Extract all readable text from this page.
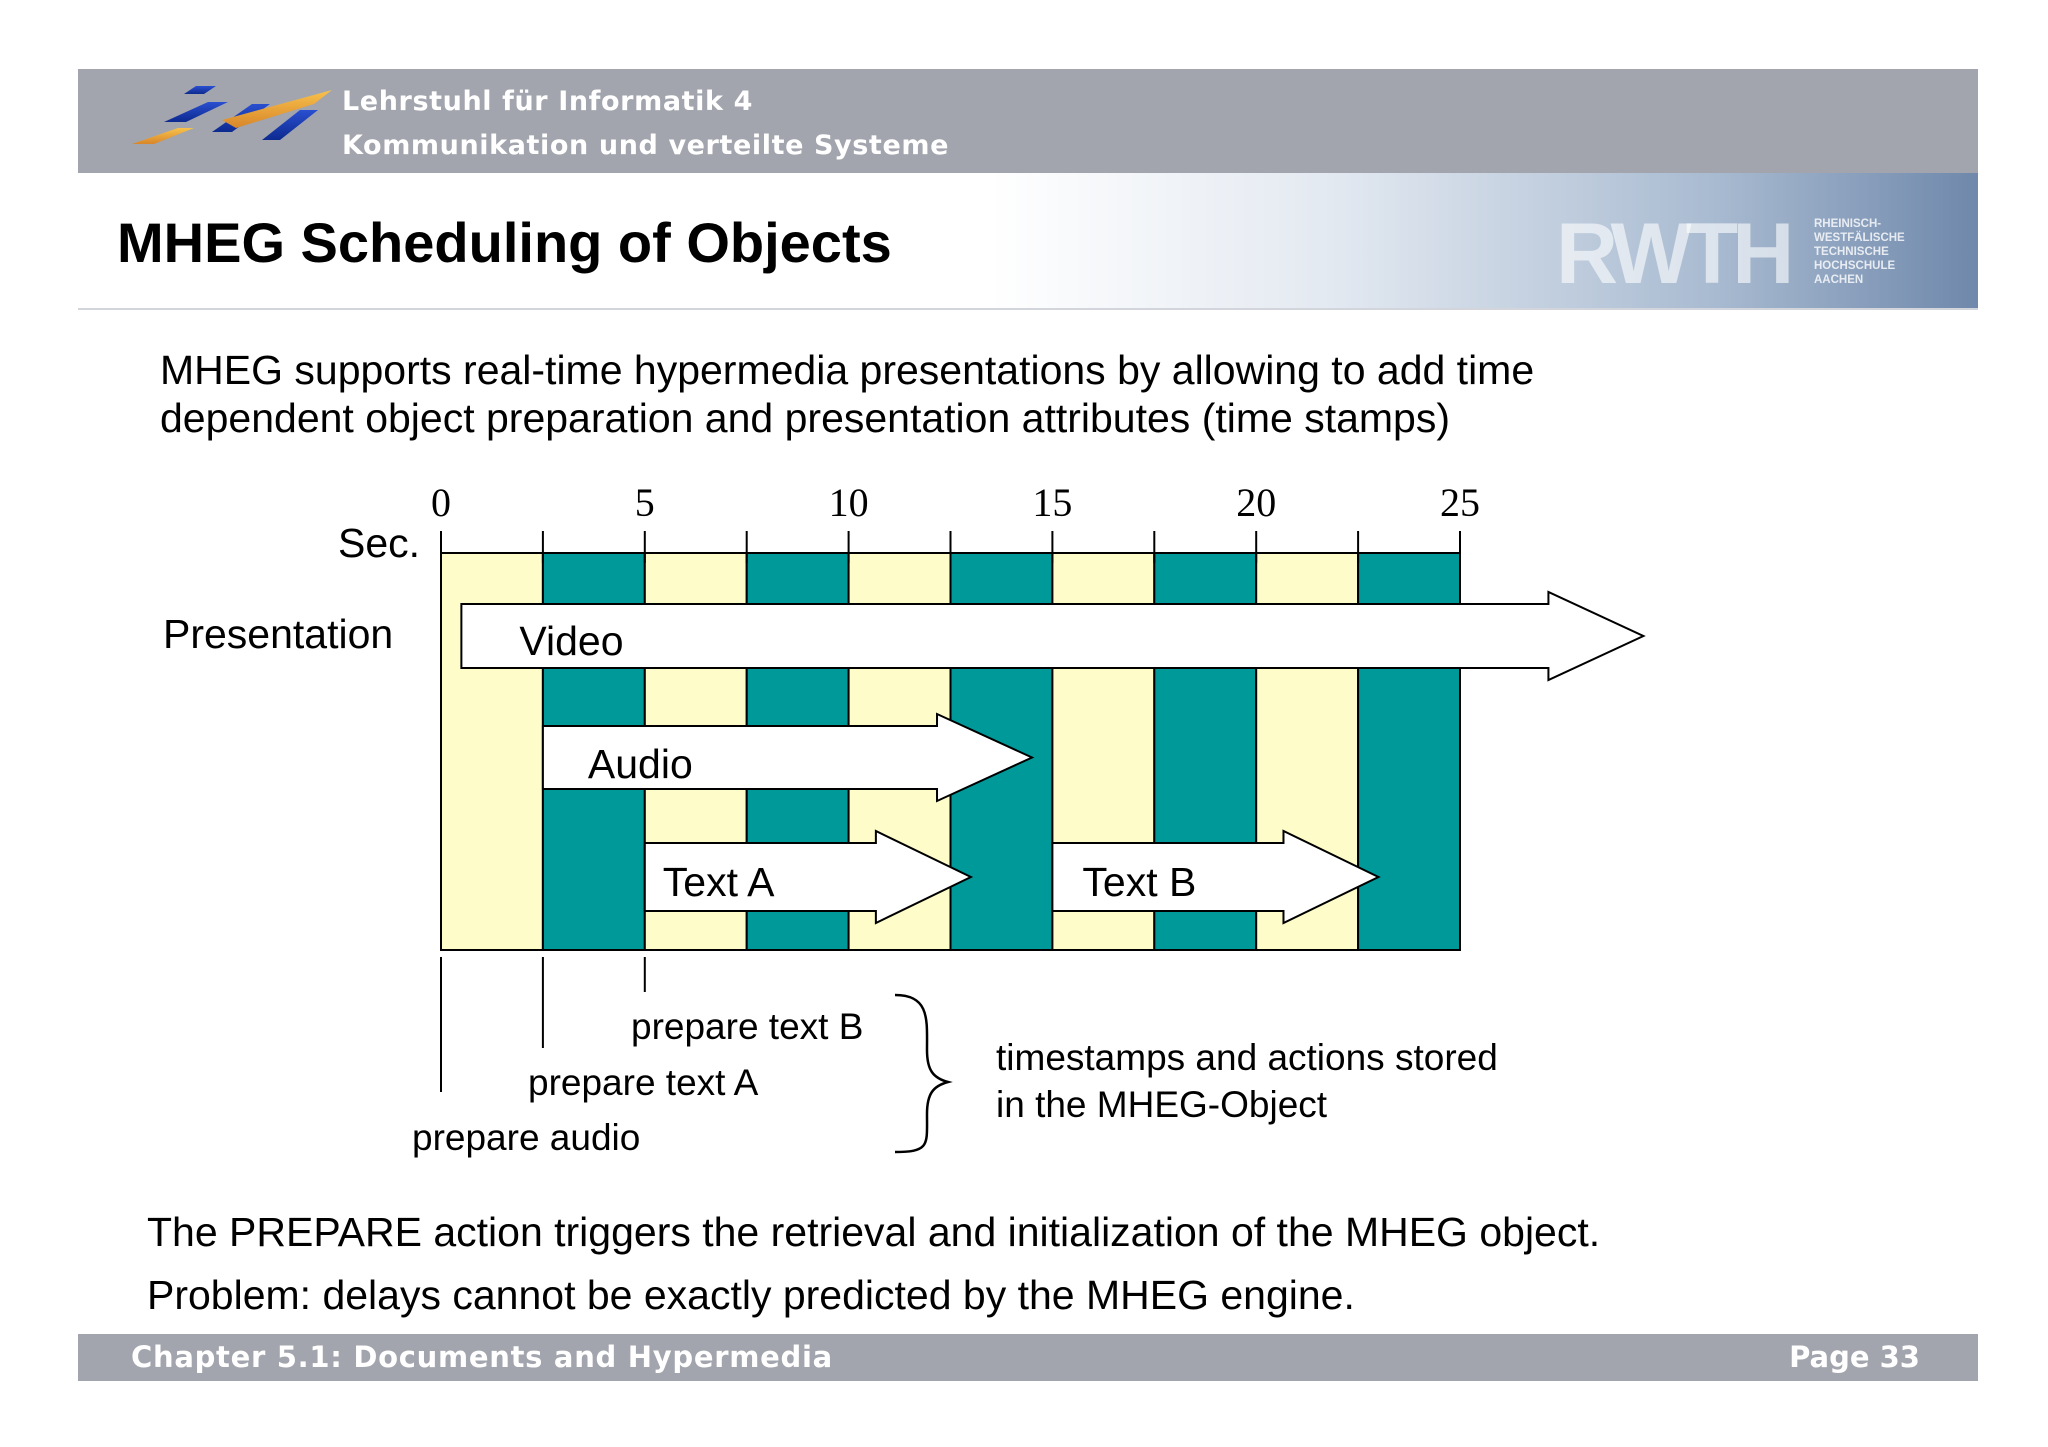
Lehrstuhl für Informatik 4
Kommunikation und verteilte Systeme
MHEG Scheduling of Objects	RWTH RHEINISCH-
WESTFÄLISCHE
TECHNISCHE
HOCHSCHULE
AACHEN
MHEG supports real-time hypermedia presentations by allowing to add time
dependent object preparation and presentation attributes (time stamps)
0	5	10	15	20	25
Sec.
Presentation	Video
Audio
Text A	Text B
prepare text B
prepare text A
prepare audio
timestamps and actions stored
in the MHEG-Object
The PREPARE action triggers the retrieval and initialization of the MHEG object.
Problem: delays cannot be exactly predicted by the MHEG engine.
Chapter 5.1: Documents and Hypermedia	Page 33
